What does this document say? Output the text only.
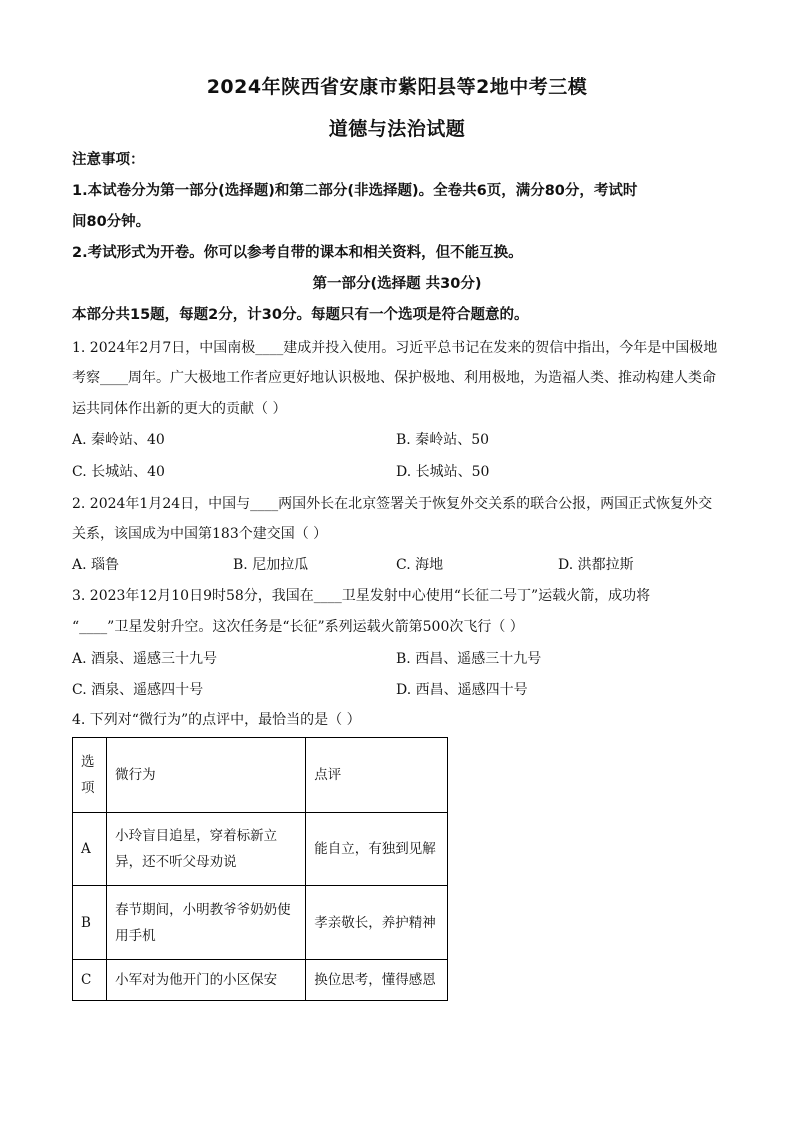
2024年陕西省安康市紫阳县等2地中考三模
道德与法治试题
注意事项：
1.本试卷分为第一部分(选择题)和第二部分(非选择题)。全卷共6页，满分80分，考试时
间80分钟。
2.考试形式为开卷。你可以参考自带的课本和相关资料，但不能互换。
第一部分(选择题 共30分)
本部分共15题，每题2分，计30分。每题只有一个选项是符合题意的。
1. 2024年2月7日，中国南极____建成并投入使用。习近平总书记在发来的贺信中指出，今年是中国极地
考察____周年。广大极地工作者应更好地认识极地、保护极地、利用极地，为造福人类、推动构建人类命
运共同体作出新的更大的贡献（ ）
A. 秦岭站、40	B. 秦岭站、50
C. 长城站、40	D. 长城站、50
2. 2024年1月24日，中国与____两国外长在北京签署关于恢复外交关系的联合公报，两国正式恢复外交
关系，该国成为中国第183个建交国（ ）
A. 瑙鲁	B. 尼加拉瓜	C. 海地	D. 洪都拉斯
3. 2023年12月10日9时58分，我国在____卫星发射中心使用“长征二号丁”运载火箭，成功将
“____”卫星发射升空。这次任务是“长征”系列运载火箭第500次飞行（ ）
A. 酒泉、遥感三十九号	B. 西昌、遥感三十九号
C. 酒泉、遥感四十号	D. 西昌、遥感四十号
4. 下列对“微行为”的点评中，最恰当的是（ ）
选
项	微行为	点评
A	小玲盲目追星，穿着标新立
异，还不听父母劝说	能自立，有独到见解
B	春节期间，小明教爷爷奶奶使
用手机	孝亲敬长，养护精神
C	小军对为他开门的小区保安	换位思考，懂得感恩
